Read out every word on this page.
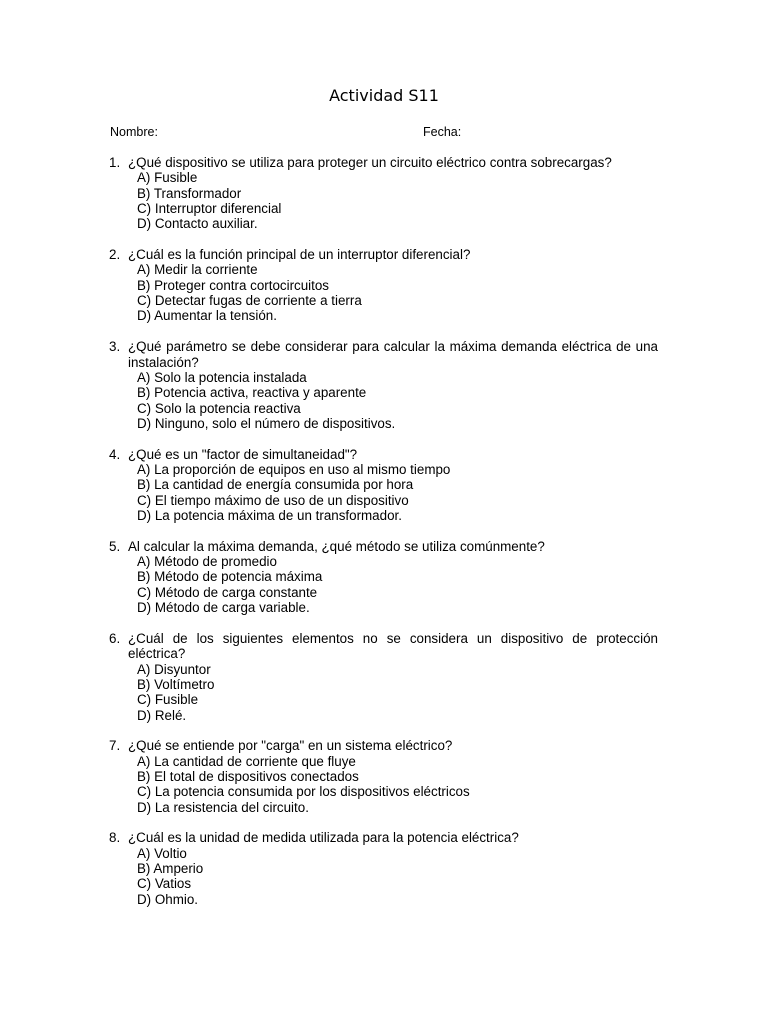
Actividad S11
Nombre:	Fecha:
1. ¿Qué dispositivo se utiliza para proteger un circuito eléctrico contra sobrecargas?
A) Fusible
B) Transformador
C) Interruptor diferencial
D) Contacto auxiliar.
2. ¿Cuál es la función principal de un interruptor diferencial?
A) Medir la corriente
B) Proteger contra cortocircuitos
C) Detectar fugas de corriente a tierra
D) Aumentar la tensión.
3. ¿Qué parámetro se debe considerar para calcular la máxima demanda eléctrica de una instalación?
A) Solo la potencia instalada
B) Potencia activa, reactiva y aparente
C) Solo la potencia reactiva
D) Ninguno, solo el número de dispositivos.
4. ¿Qué es un "factor de simultaneidad"?
A) La proporción de equipos en uso al mismo tiempo
B) La cantidad de energía consumida por hora
C) El tiempo máximo de uso de un dispositivo
D) La potencia máxima de un transformador.
5. Al calcular la máxima demanda, ¿qué método se utiliza comúnmente?
A) Método de promedio
B) Método de potencia máxima
C) Método de carga constante
D) Método de carga variable.
6. ¿Cuál de los siguientes elementos no se considera un dispositivo de protección eléctrica?
A) Disyuntor
B) Voltímetro
C) Fusible
D) Relé.
7. ¿Qué se entiende por "carga" en un sistema eléctrico?
A) La cantidad de corriente que fluye
B) El total de dispositivos conectados
C) La potencia consumida por los dispositivos eléctricos
D) La resistencia del circuito.
8. ¿Cuál es la unidad de medida utilizada para la potencia eléctrica?
A) Voltio
B) Amperio
C) Vatios
D) Ohmio.
